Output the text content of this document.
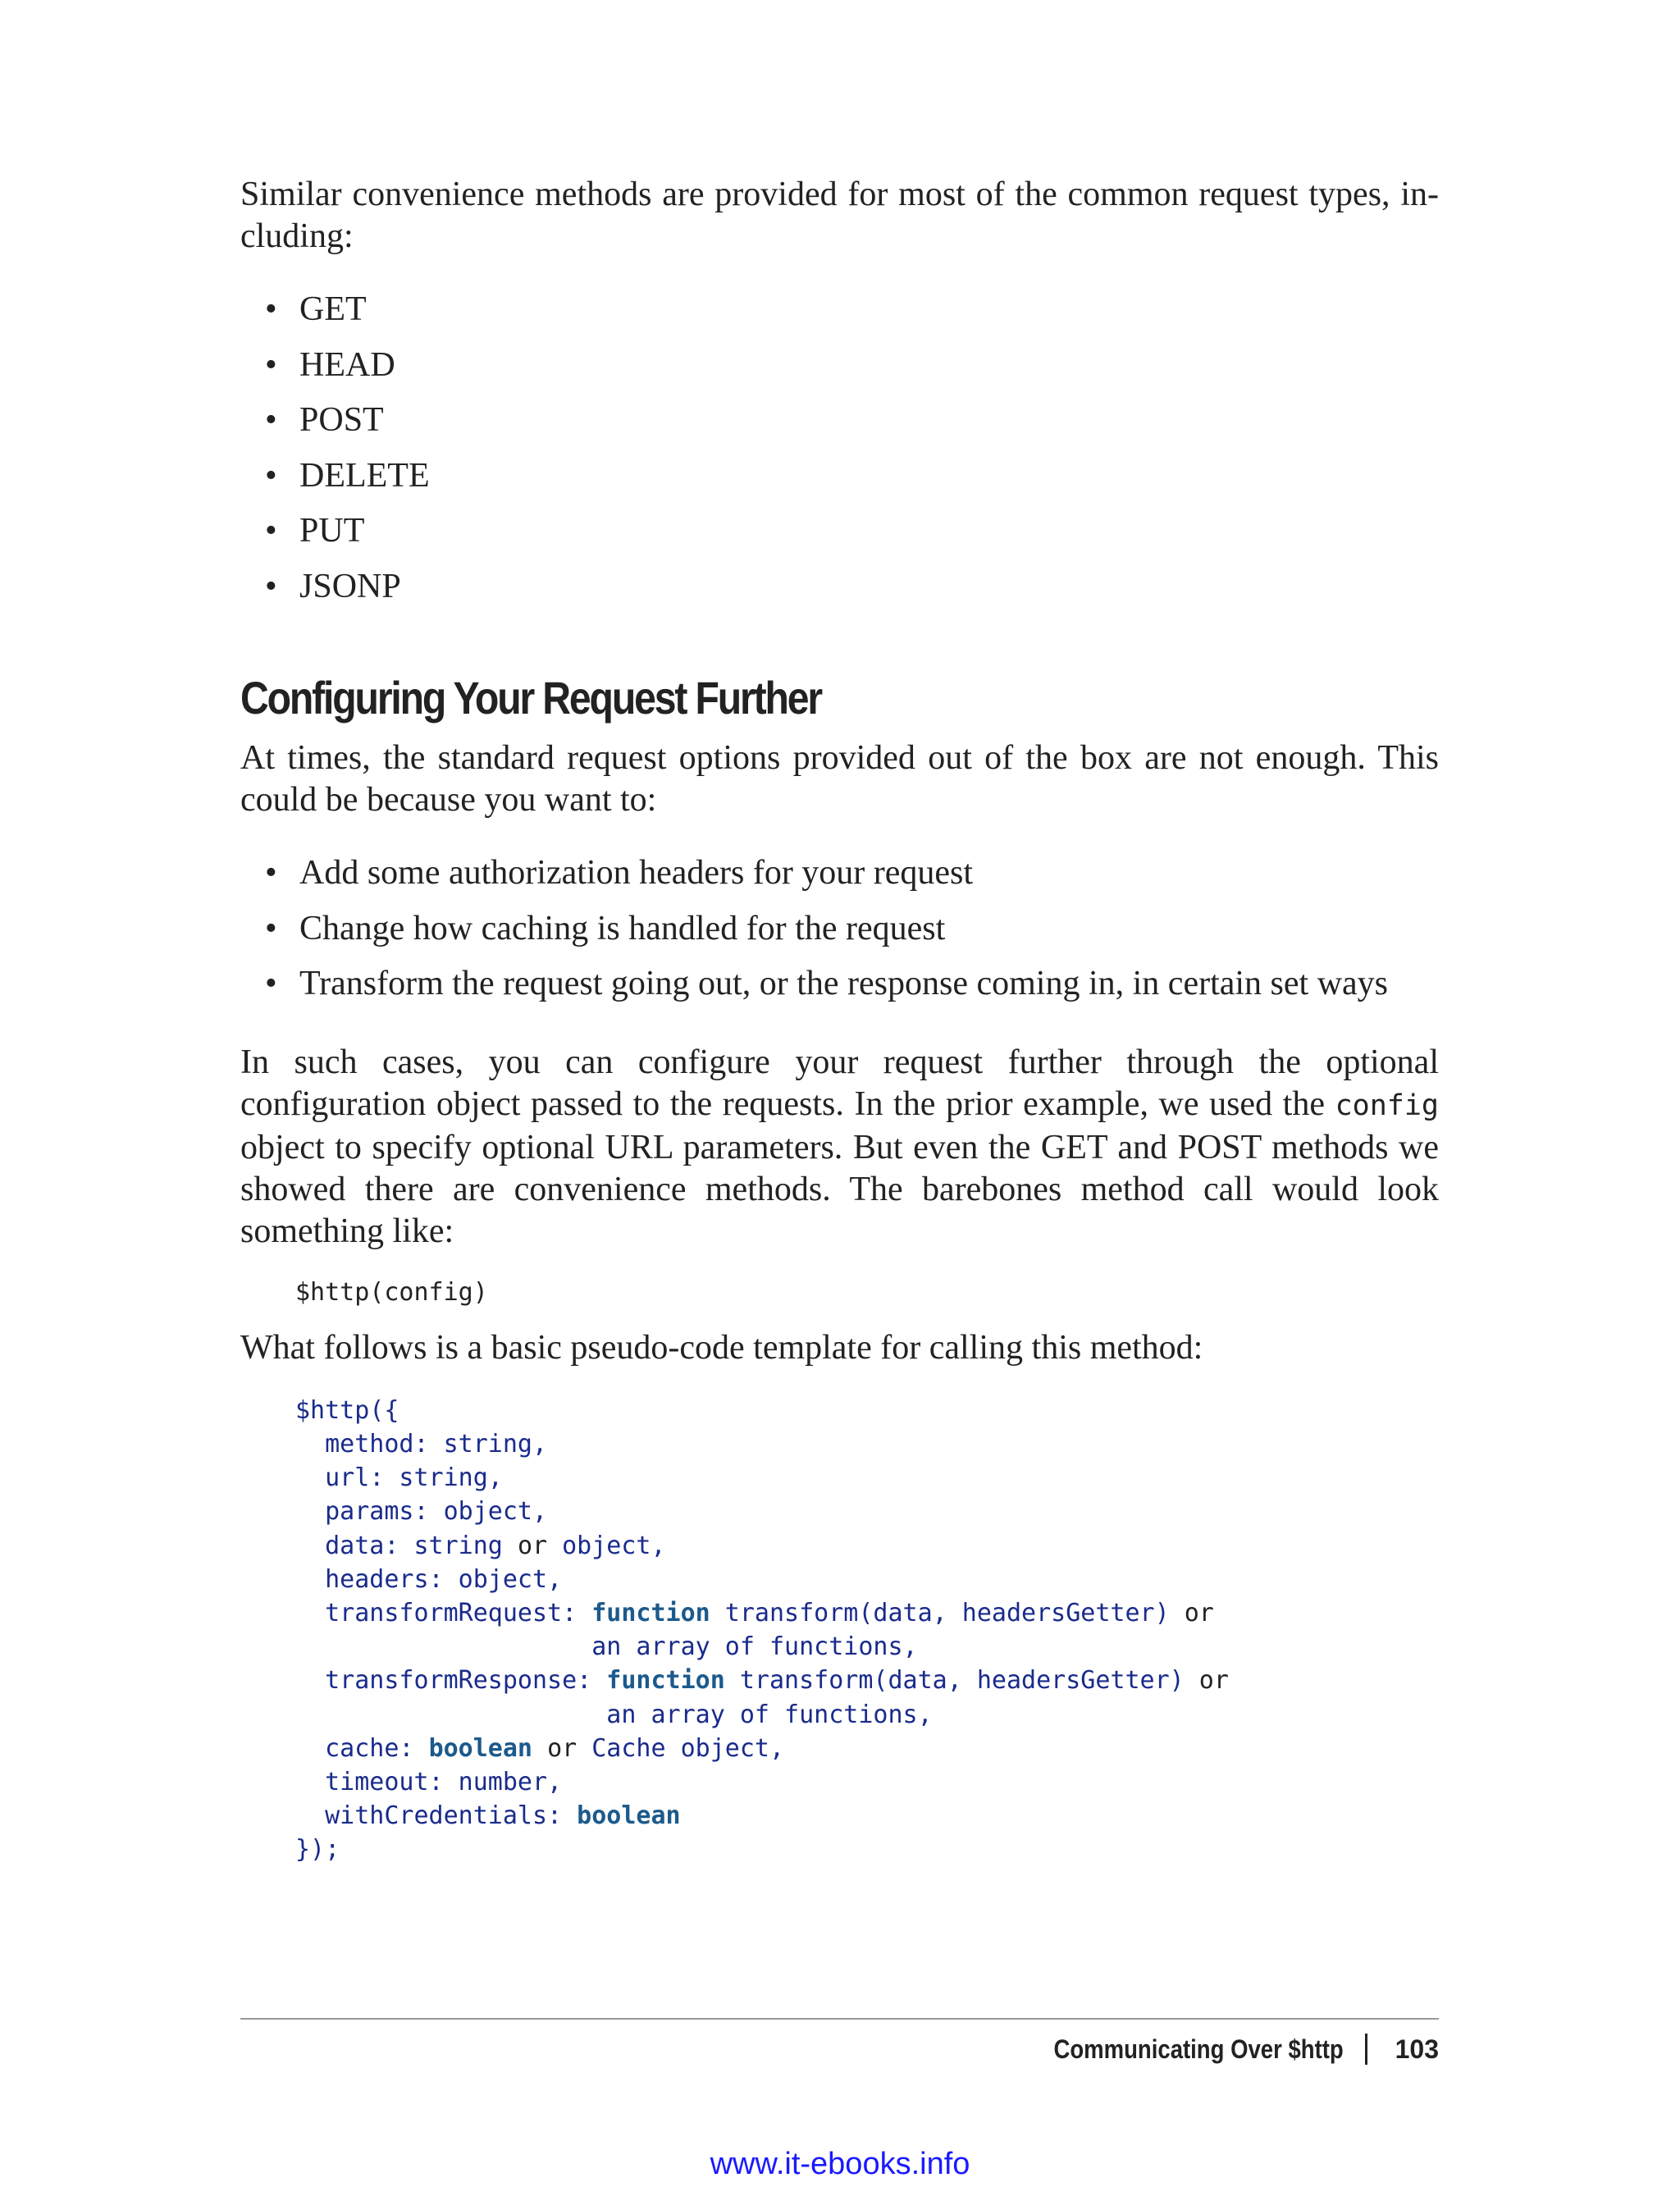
Similar convenience methods are provided for most of the common request types, in-cluding:

• GET
• HEAD
• POST
• DELETE
• PUT
• JSONP
Configuring Your Request Further

At times, the standard request options provided out of the box are not enough. This could be because you want to:

• Add some authorization headers for your request
• Change how caching is handled for the request
• Transform the request going out, or the response coming in, in certain set ways

In such cases, you can configure your request further through the optional configuration object passed to the requests. In the prior example, we used the config object to specify optional URL parameters. But even the GET and POST methods we showed there are convenience methods. The barebones method call would look something like:

$http(config)

What follows is a basic pseudo-code template for calling this method:

$http({
method: string,
url: string,
params: object,
data: string or object,
headers: object,
transformRequest: function transform(data, headersGetter) or
an array of functions,
transformResponse: function transform(data, headersGetter) or
an array of functions,
cache: boolean or Cache object,
timeout: number,
withCredentials: boolean
});
Communicating Over $http 103
www.it-ebooks.info
